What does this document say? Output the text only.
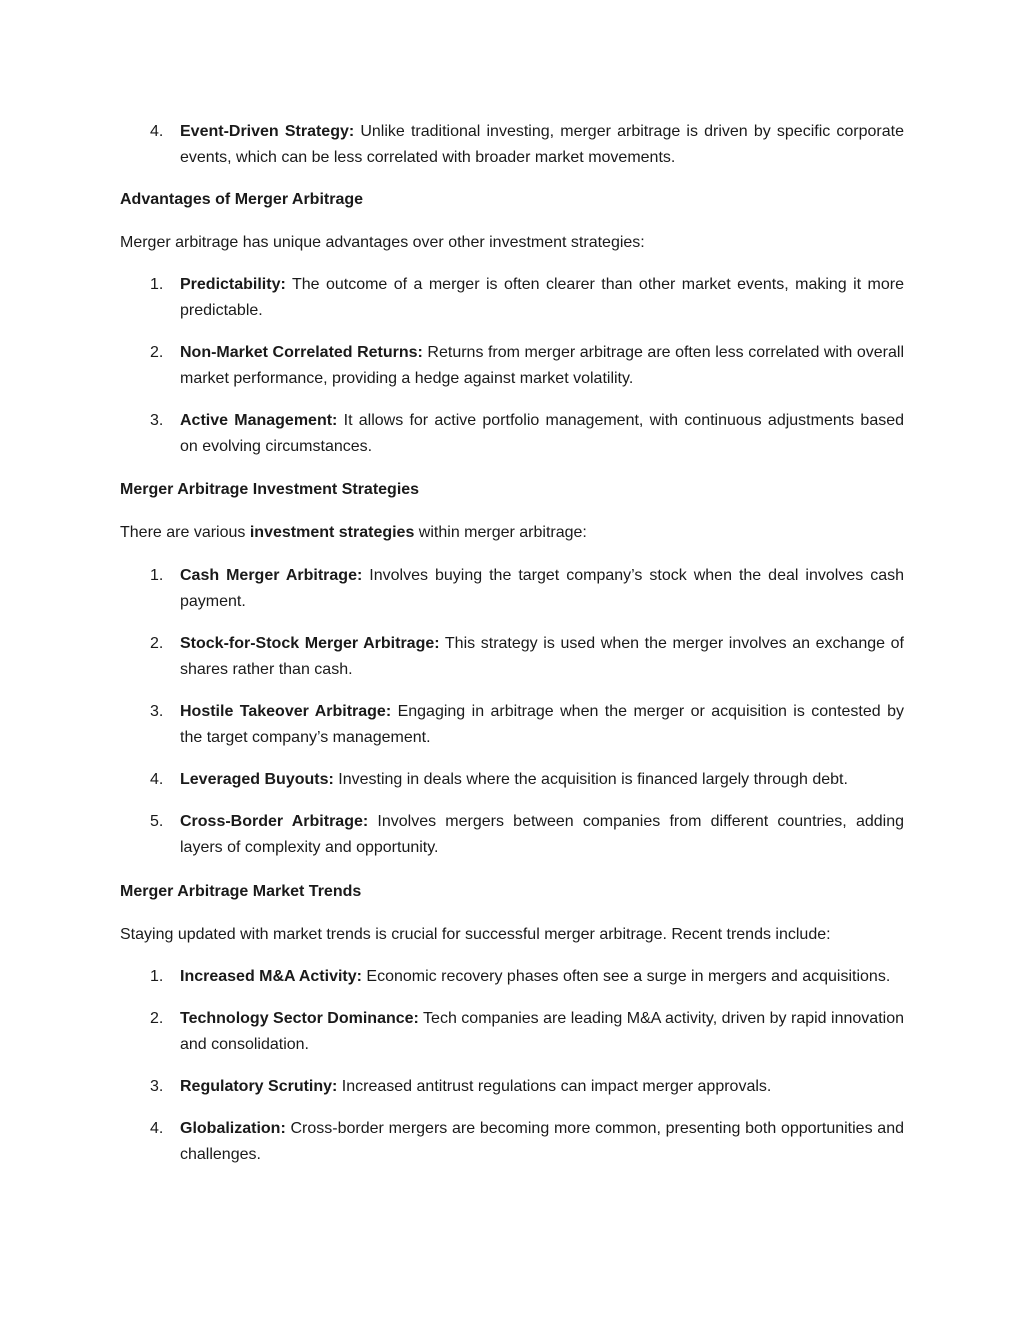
4.	Event-Driven Strategy: Unlike traditional investing, merger arbitrage is driven by specific corporate events, which can be less correlated with broader market movements.

Advantages of Merger Arbitrage

Merger arbitrage has unique advantages over other investment strategies:

1.	Predictability: The outcome of a merger is often clearer than other market events, making it more predictable.
2.	Non-Market Correlated Returns: Returns from merger arbitrage are often less correlated with overall market performance, providing a hedge against market volatility.
3.	Active Management: It allows for active portfolio management, with continuous adjustments based on evolving circumstances.

Merger Arbitrage Investment Strategies

There are various investment strategies within merger arbitrage:

1.	Cash Merger Arbitrage: Involves buying the target company’s stock when the deal involves cash payment.
2.	Stock-for-Stock Merger Arbitrage: This strategy is used when the merger involves an exchange of shares rather than cash.
3.	Hostile Takeover Arbitrage: Engaging in arbitrage when the merger or acquisition is contested by the target company’s management.
4.	Leveraged Buyouts: Investing in deals where the acquisition is financed largely through debt.
5.	Cross-Border Arbitrage: Involves mergers between companies from different countries, adding layers of complexity and opportunity.

Merger Arbitrage Market Trends

Staying updated with market trends is crucial for successful merger arbitrage. Recent trends include:

1.	Increased M&A Activity: Economic recovery phases often see a surge in mergers and acquisitions.
2.	Technology Sector Dominance: Tech companies are leading M&A activity, driven by rapid innovation and consolidation.
3.	Regulatory Scrutiny: Increased antitrust regulations can impact merger approvals.
4.	Globalization: Cross-border mergers are becoming more common, presenting both opportunities and challenges.
